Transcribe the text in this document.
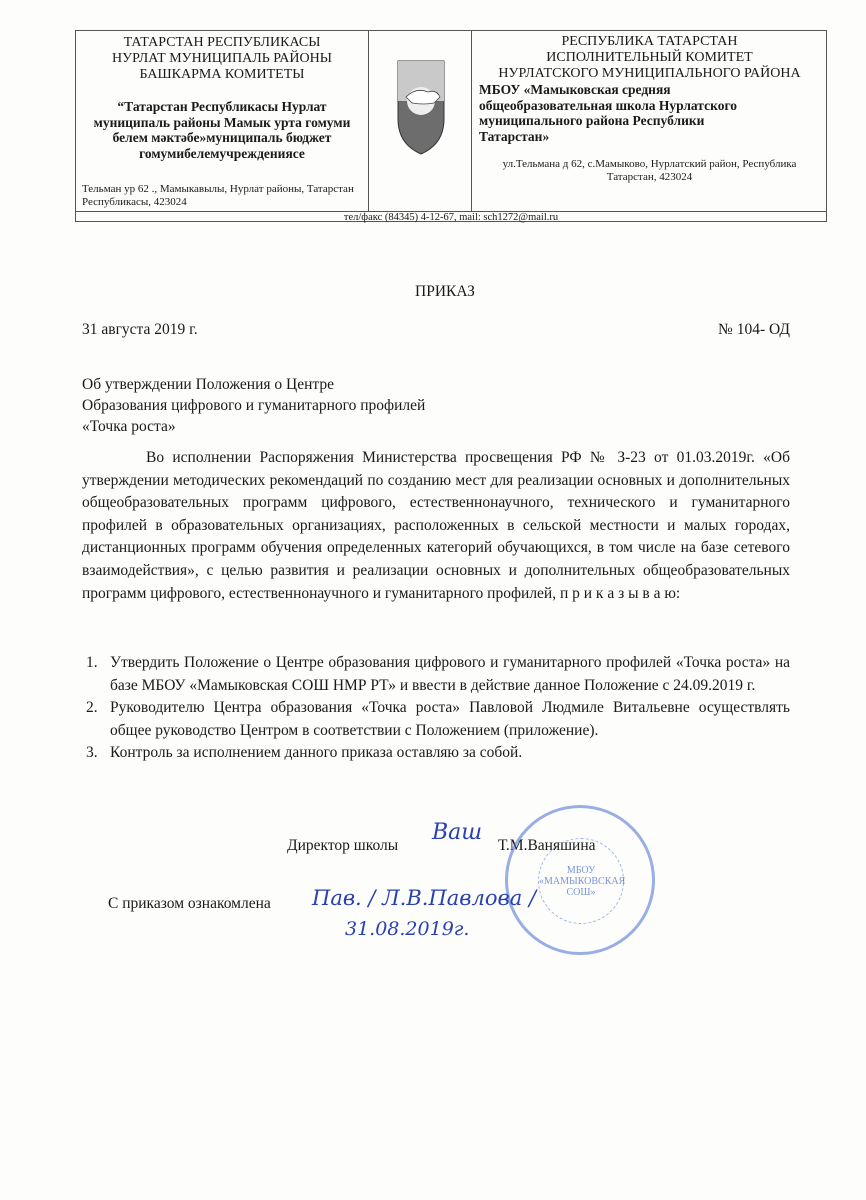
ТАТАРСТАН РЕСПУБЛИКАСЫ
НУРЛАТ МУНИЦИПАЛЬ РАЙОНЫ
БАШКАРМА КОМИТЕТЫ
“Татарстан Республикасы Нурлат муниципаль районы Мамык урта гомуми белем мәктәбе»муниципаль бюджет гомумибелемучреждениясе
Тельман ур 62 ., Мамыкавылы, Нурлат районы, Татарстан Республикасы, 423024
РЕСПУБЛИКА ТАТАРСТАН
ИСПОЛНИТЕЛЬНЫЙ КОМИТЕТ
НУРЛАТСКОГО МУНИЦИПАЛЬНОГО РАЙОНА
МБОУ «Мамыковская средняя общеобразовательная школа Нурлатского муниципального района Республики Татарстан»
ул.Тельмана д 62, с.Мамыково, Нурлатский район, Республика Татарстан, 423024
тел/факс (84345) 4-12-67, mail: sch1272@mail.ru
ПРИКАЗ
31 августа 2019 г.	№ 104- ОД
Об утверждении Положения о Центре
Образования цифрового и гуманитарного профилей
«Точка роста»
Во исполнении Распоряжения Министерства просвещения РФ № З-23 от 01.03.2019г. «Об утверждении методических рекомендаций по созданию мест для реализации основных и дополнительных общеобразовательных программ цифрового, естественнонаучного, технического и гуманитарного профилей в образовательных организациях, расположенных в сельской местности и малых городах, дистанционных программ обучения определенных категорий обучающихся, в том числе на базе сетевого взаимодействия», с целью развития и реализации основных и дополнительных общеобразовательных программ цифрового, естественнонаучного и гуманитарного профилей, п р и к а з ы в а ю:
1. Утвердить Положение о Центре образования цифрового и гуманитарного профилей «Точка роста» на базе МБОУ «Мамыковская СОШ НМР РТ» и ввести в действие данное Положение с 24.09.2019 г.
2. Руководителю Центра образования «Точка роста» Павловой Людмиле Витальевне осуществлять общее руководство Центром в соответствии с Положением (приложение).
3. Контроль за исполнением данного приказа оставляю за собой.
Директор школы
Ваш
Т.М.Ваняшина
МБОУ
«МАМЫКОВСКАЯ
СОШ»
С приказом ознакомлена Пав. / Л.В.Павлова /
31.08.2019г.
